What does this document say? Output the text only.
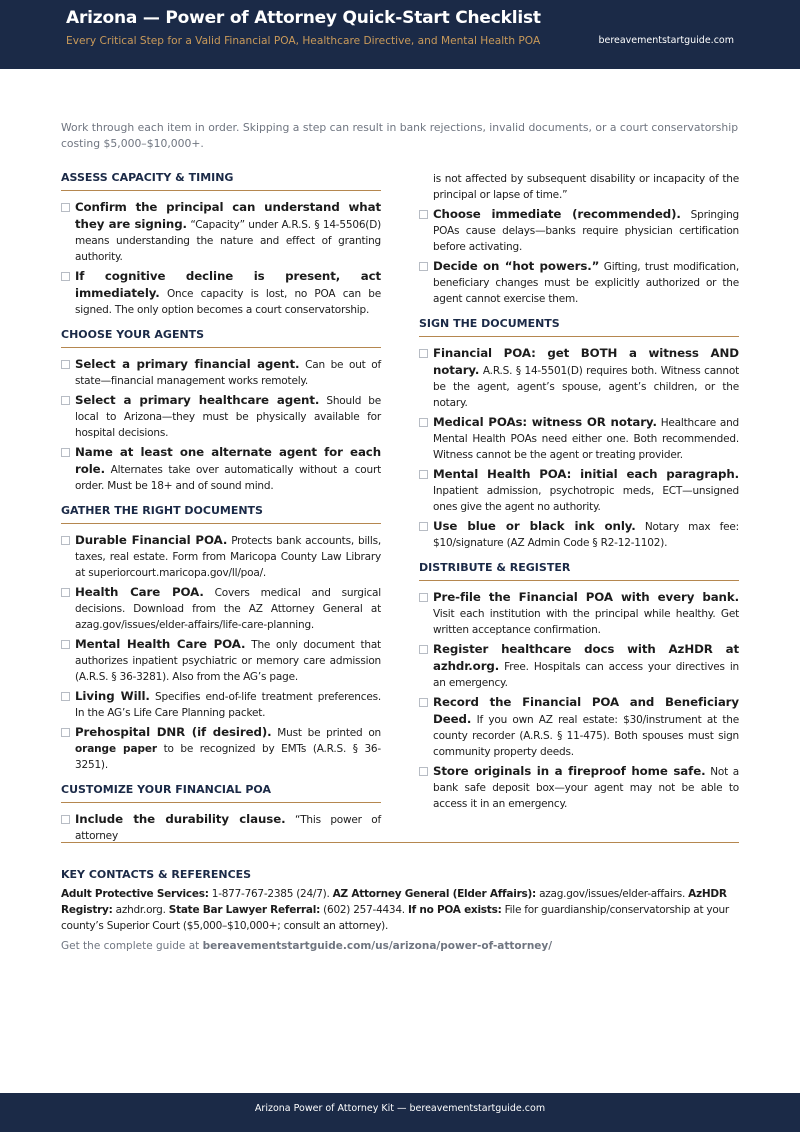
Arizona — Power of Attorney Quick-Start Checklist
Every Critical Step for a Valid Financial POA, Healthcare Directive, and Mental Health POA	bereavementstartguide.com
Work through each item in order. Skipping a step can result in bank rejections, invalid documents, or a court conservatorship costing $5,000–$10,000+.
ASSESS CAPACITY & TIMING
Confirm the principal can understand what they are signing. “Capacity” under A.R.S. § 14-5506(D) means understanding the nature and effect of granting authority.
If cognitive decline is present, act immediately. Once capacity is lost, no POA can be signed. The only option becomes a court conservatorship.
CHOOSE YOUR AGENTS
Select a primary financial agent. Can be out of state—financial management works remotely.
Select a primary healthcare agent. Should be local to Arizona—they must be physically available for hospital decisions.
Name at least one alternate agent for each role. Alternates take over automatically without a court order. Must be 18+ and of sound mind.
GATHER THE RIGHT DOCUMENTS
Durable Financial POA. Protects bank accounts, bills, taxes, real estate. Form from Maricopa County Law Library at superiorcourt.maricopa.gov/ll/poa/.
Health Care POA. Covers medical and surgical decisions. Download from the AZ Attorney General at azag.gov/issues/elder-affairs/life-care-planning.
Mental Health Care POA. The only document that authorizes inpatient psychiatric or memory care admission (A.R.S. § 36-3281). Also from the AG’s page.
Living Will. Specifies end-of-life treatment preferences. In the AG’s Life Care Planning packet.
Prehospital DNR (if desired). Must be printed on orange paper to be recognized by EMTs (A.R.S. § 36-3251).
CUSTOMIZE YOUR FINANCIAL POA
Include the durability clause. “This power of attorney
is not affected by subsequent disability or incapacity of the principal or lapse of time.”
Choose immediate (recommended). Springing POAs cause delays—banks require physician certification before activating.
Decide on “hot powers.” Gifting, trust modification, beneficiary changes must be explicitly authorized or the agent cannot exercise them.
SIGN THE DOCUMENTS
Financial POA: get BOTH a witness AND notary. A.R.S. § 14-5501(D) requires both. Witness cannot be the agent, agent’s spouse, agent’s children, or the notary.
Medical POAs: witness OR notary. Healthcare and Mental Health POAs need either one. Both recommended. Witness cannot be the agent or treating provider.
Mental Health POA: initial each paragraph. Inpatient admission, psychotropic meds, ECT—unsigned ones give the agent no authority.
Use blue or black ink only. Notary max fee: $10/signature (AZ Admin Code § R2-12-1102).
DISTRIBUTE & REGISTER
Pre-file the Financial POA with every bank. Visit each institution with the principal while healthy. Get written acceptance confirmation.
Register healthcare docs with AzHDR at azhdr.org. Free. Hospitals can access your directives in an emergency.
Record the Financial POA and Beneficiary Deed. If you own AZ real estate: $30/instrument at the county recorder (A.R.S. § 11-475). Both spouses must sign community property deeds.
Store originals in a fireproof home safe. Not a bank safe deposit box—your agent may not be able to access it in an emergency.
KEY CONTACTS & REFERENCES

Adult Protective Services: 1-877-767-2385 (24/7). AZ Attorney General (Elder Affairs): azag.gov/issues/elder-affairs. AzHDR Registry: azhdr.org. State Bar Lawyer Referral: (602) 257-4434. If no POA exists: File for guardianship/conservatorship at your county’s Superior Court ($5,000–$10,000+; consult an attorney).

Get the complete guide at bereavementstartguide.com/us/arizona/power-of-attorney/
Arizona Power of Attorney Kit — bereavementstartguide.com
